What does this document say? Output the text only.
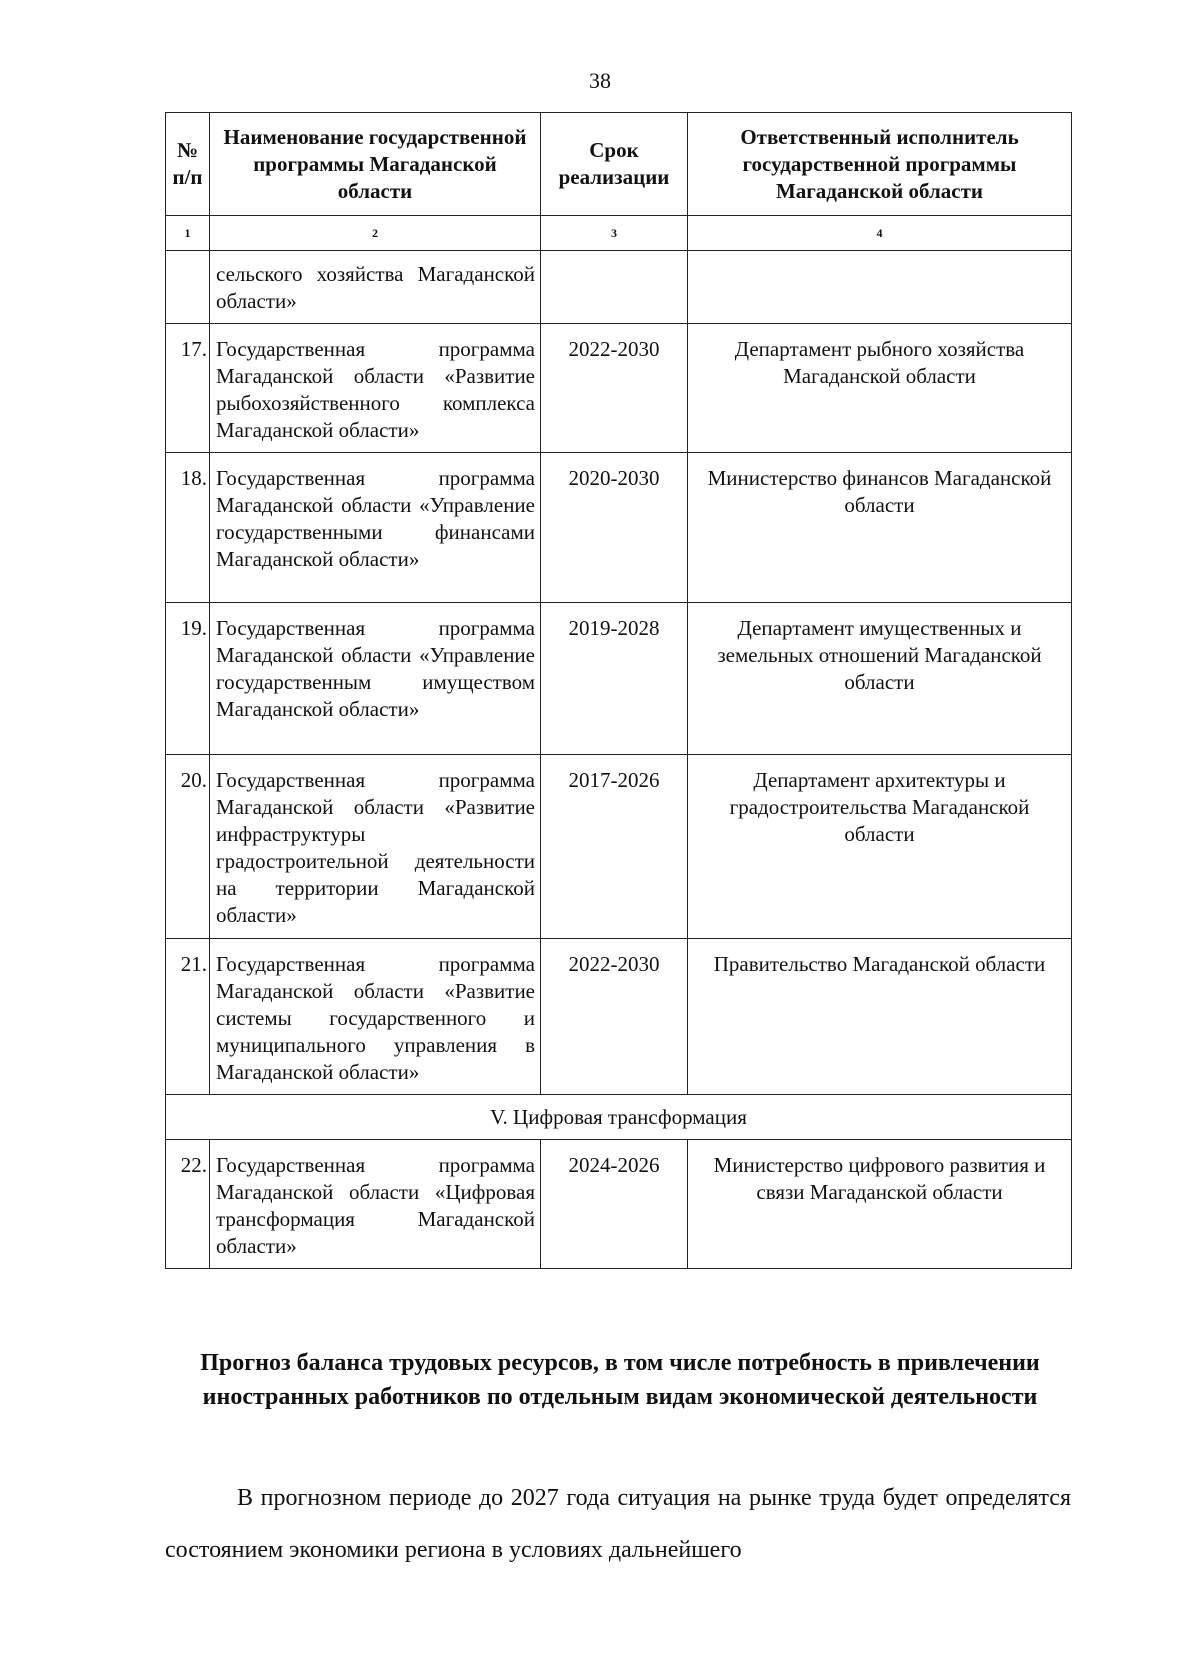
38
№ п/п	Наименование государственной программы Магаданской области	Срок реализации	Ответственный исполнитель государственной программы Магаданской области
1	2	3	4
	сельского хозяйства Магаданской области»		
17.	Государственная программа Магаданской области «Развитие рыбохозяйственного комплекса Магаданской области»	2022-2030	Департамент рыбного хозяйства Магаданской области
18.	Государственная программа Магаданской области «Управление государственными финансами Магаданской области»	2020-2030	Министерство финансов Магаданской области
19.	Государственная программа Магаданской области «Управление государственным имуществом Магаданской области»	2019-2028	Департамент имущественных и земельных отношений Магаданской области
20.	Государственная программа Магаданской области «Развитие инфраструктуры градостроительной деятельности на территории Магаданской области»	2017-2026	Департамент архитектуры и градостроительства Магаданской области
21.	Государственная программа Магаданской области «Развитие системы государственного и муниципального управления в Магаданской области»	2022-2030	Правительство Магаданской области
V. Цифровая трансформация			
22.	Государственная программа Магаданской области «Цифровая трансформация Магаданской области»	2024-2026	Министерство цифрового развития и связи Магаданской области
Прогноз баланса трудовых ресурсов, в том числе потребность в привлечении иностранных работников по отдельным видам экономической деятельности

В прогнозном периоде до 2027 года ситуация на рынке труда будет определятся состоянием экономики региона в условиях дальнейшего
